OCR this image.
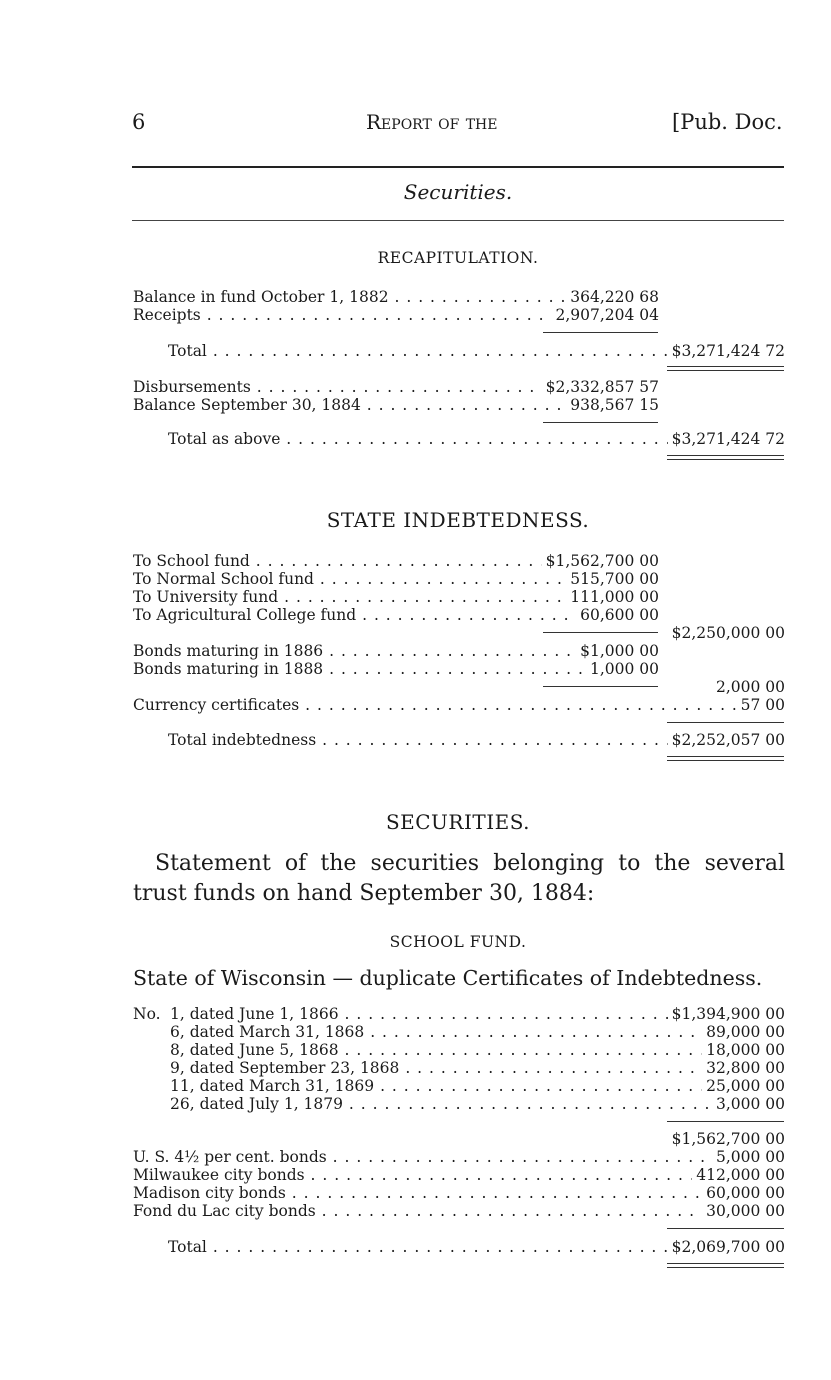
6	Report of the	[Pub. Doc.
Securities.
RECAPITULATION.
Balance in fund October 1, 1882 . . .	364,220 68
Receipts . . .	2,907,204 04
Total . . .	$3,271,424 72
Disbursements . . .	$2,332,857 57
Balance September 30, 1884 . . .	938,567 15
Total as above . . .	$3,271,424 72
STATE INDEBTEDNESS.
To School fund . . .	$1,562,700 00
To Normal School fund . . .	515,700 00
To University fund . . .	111,000 00
To Agricultural College fund . . .	60,600 00
$2,250,000 00
Bonds maturing in 1886 . . .	$1,000 00
Bonds maturing in 1888 . . .	1,000 00
2,000 00
Currency certificates . . .	57 00
Total indebtedness . . .	$2,252,057 00
SECURITIES.
Statement of the securities belonging to the several trust funds on hand September 30, 1884:
SCHOOL FUND.
State of Wisconsin — duplicate Certificates of Indebtedness.
No. 1, dated June 1, 1866 . . .	$1,394,900 00
6, dated March 31, 1868 . . .	89,000 00
8, dated June 5, 1868 . . .	18,000 00
9, dated September 23, 1868 . . .	32,800 00
11, dated March 31, 1869 . . .	25,000 00
26, dated July 1, 1879 . . .	3,000 00
$1,562,700 00
U. S. 4½ per cent. bonds . . .	5,000 00
Milwaukee city bonds . . .	412,000 00
Madison city bonds . . .	60,000 00
Fond du Lac city bonds . . .	30,000 00
Total . . .	$2,069,700 00
